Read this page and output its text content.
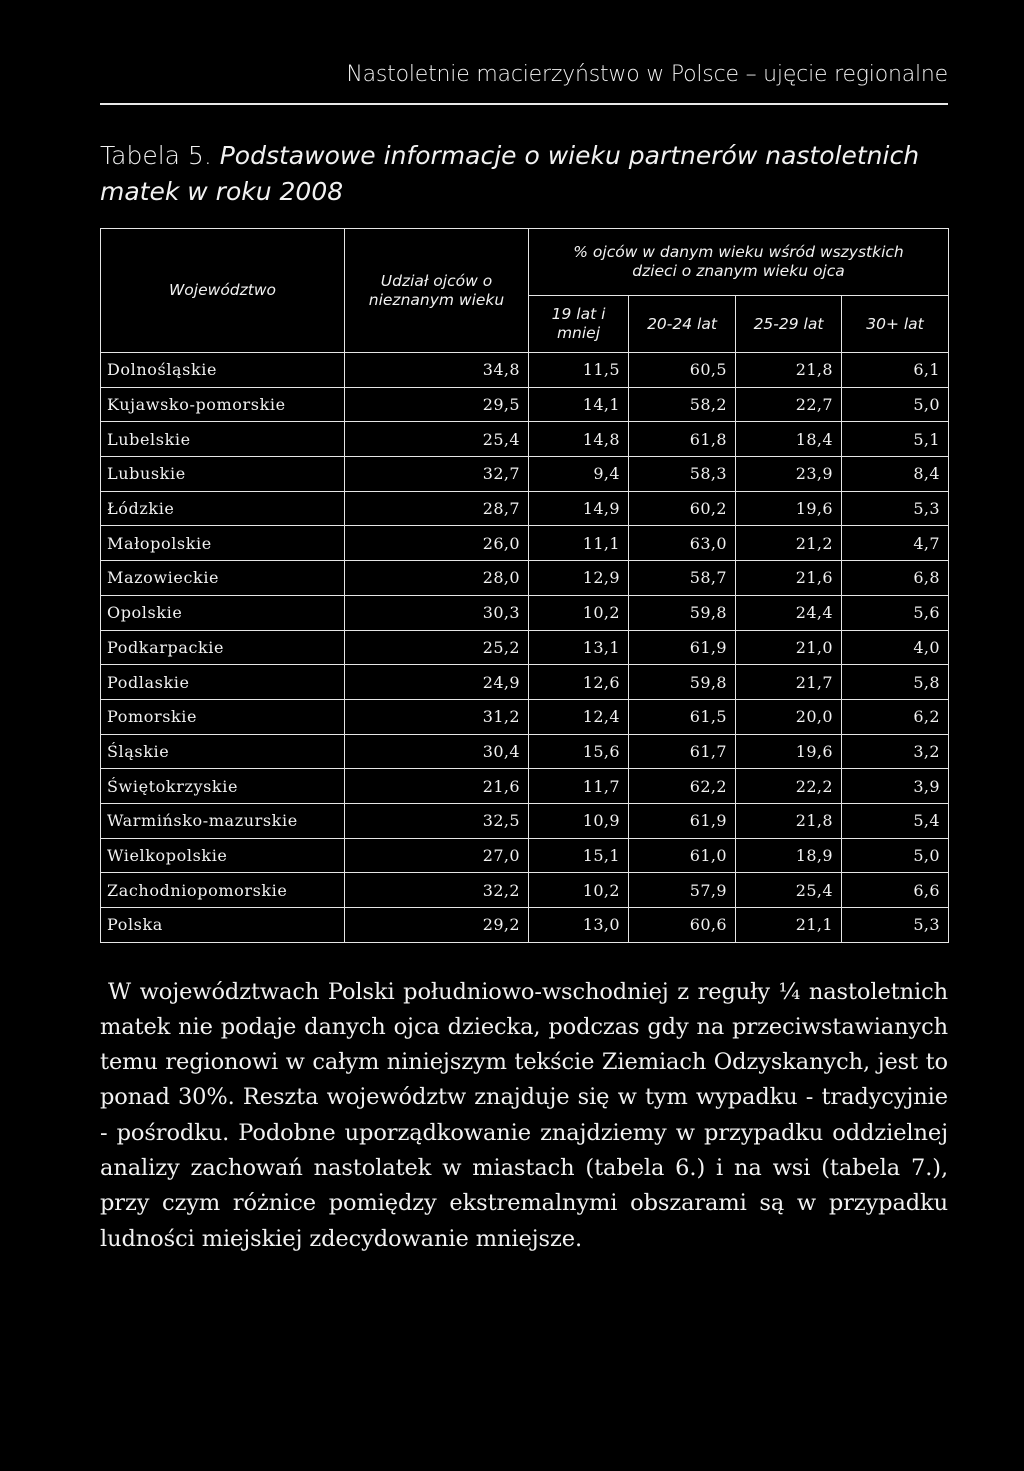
Nastoletnie macierzyństwo w Polsce – ujęcie regionalne
Tabela 5. Podstawowe informacje o wieku partnerów nastoletnich matek w roku 2008
Województwo	Udział ojców o nieznanym wieku	% ojców w danym wieku wśród wszystkich dzieci o znanym wieku ojca			
		19 lat i mniej	20-24 lat	25-29 lat	30+ lat
Dolnośląskie	34,8	11,5	60,5	21,8	6,1
Kujawsko-pomorskie	29,5	14,1	58,2	22,7	5,0
Lubelskie	25,4	14,8	61,8	18,4	5,1
Lubuskie	32,7	9,4	58,3	23,9	8,4
Łódzkie	28,7	14,9	60,2	19,6	5,3
Małopolskie	26,0	11,1	63,0	21,2	4,7
Mazowieckie	28,0	12,9	58,7	21,6	6,8
Opolskie	30,3	10,2	59,8	24,4	5,6
Podkarpackie	25,2	13,1	61,9	21,0	4,0
Podlaskie	24,9	12,6	59,8	21,7	5,8
Pomorskie	31,2	12,4	61,5	20,0	6,2
Śląskie	30,4	15,6	61,7	19,6	3,2
Świętokrzyskie	21,6	11,7	62,2	22,2	3,9
Warmińsko-mazurskie	32,5	10,9	61,9	21,8	5,4
Wielkopolskie	27,0	15,1	61,0	18,9	5,0
Zachodniopomorskie	32,2	10,2	57,9	25,4	6,6
Polska	29,2	13,0	60,6	21,1	5,3

W województwach Polski południowo-wschodniej z reguły ¼ nastoletnich matek nie podaje danych ojca dziecka, podczas gdy na przeciwstawianych temu regionowi w całym niniejszym tekście Ziemiach Odzyskanych, jest to ponad 30%. Reszta województw znajduje się w tym wypadku - tradycyjnie - pośrodku. Podobne uporządkowanie znajdziemy w przypadku oddzielnej analizy zachowań nastolatek w miastach (tabela 6.) i na wsi (tabela 7.), przy czym różnice pomiędzy ekstremalnymi obszarami są w przypadku ludności miejskiej zdecydowanie mniejsze.
